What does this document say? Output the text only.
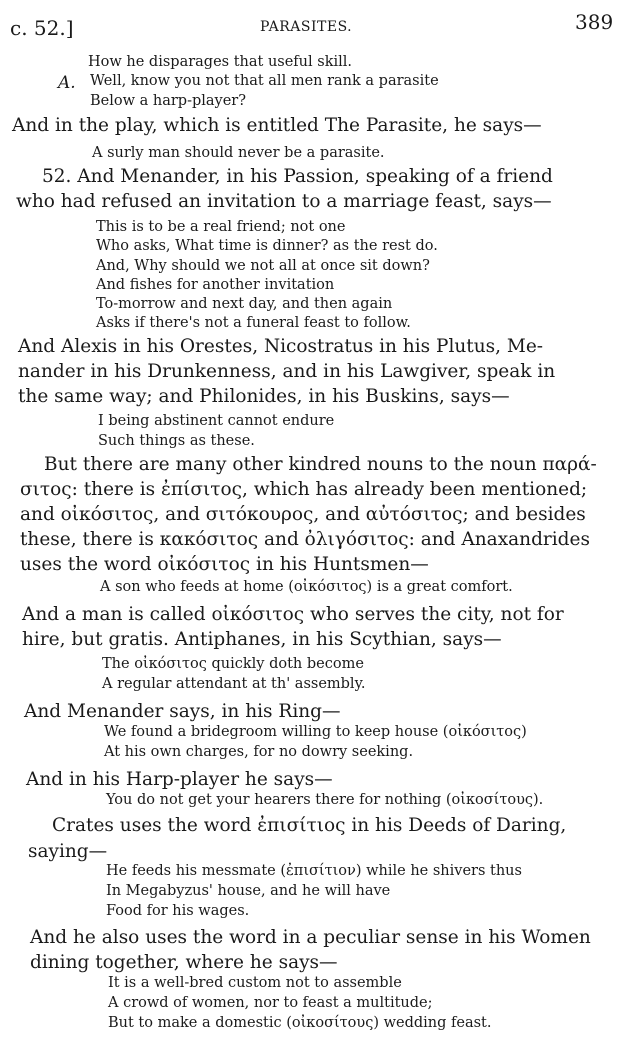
c. 52.]	PARASITES.	389
How he disparages that useful skill.
A. Well, know you not that all men rank a parasite
Below a harp-player?
And in the play, which is entitled The Parasite, he says—
A surly man should never be a parasite.
52. And Menander, in his Passion, speaking of a friend
who had refused an invitation to a marriage feast, says—
This is to be a real friend; not one
Who asks, What time is dinner? as the rest do.
And, Why should we not all at once sit down?
And fishes for another invitation
To-morrow and next day, and then again
Asks if there's not a funeral feast to follow.
And Alexis in his Orestes, Nicostratus in his Plutus, Me-
nander in his Drunkenness, and in his Lawgiver, speak in
the same way; and Philonides, in his Buskins, says—
I being abstinent cannot endure
Such things as these.
But there are many other kindred nouns to the noun παρά-
σιτος: there is ἐπίσιτος, which has already been mentioned;
and οἰκόσιτος, and σιτόκουρος, and αὐτόσιτος; and besides
these, there is κακόσιτος and ὀλιγόσιτος: and Anaxandrides
uses the word οἰκόσιτος in his Huntsmen—
A son who feeds at home (οἰκόσιτος) is a great comfort.
And a man is called οἰκόσιτος who serves the city, not for
hire, but gratis. Antiphanes, in his Scythian, says—
The οἰκόσιτος quickly doth become
A regular attendant at th' assembly.
And Menander says, in his Ring—
We found a bridegroom willing to keep house (οἰκόσιτος)
At his own charges, for no dowry seeking.
And in his Harp-player he says—
You do not get your hearers there for nothing (οἰκοσίτους).
Crates uses the word ἐπισίτιος in his Deeds of Daring,
saying—
He feeds his messmate (ἐπισίτιον) while he shivers thus
In Megabyzus' house, and he will have
Food for his wages.
And he also uses the word in a peculiar sense in his Women
dining together, where he says—
It is a well-bred custom not to assemble
A crowd of women, nor to feast a multitude;
But to make a domestic (οἰκοσίτους) wedding feast.
